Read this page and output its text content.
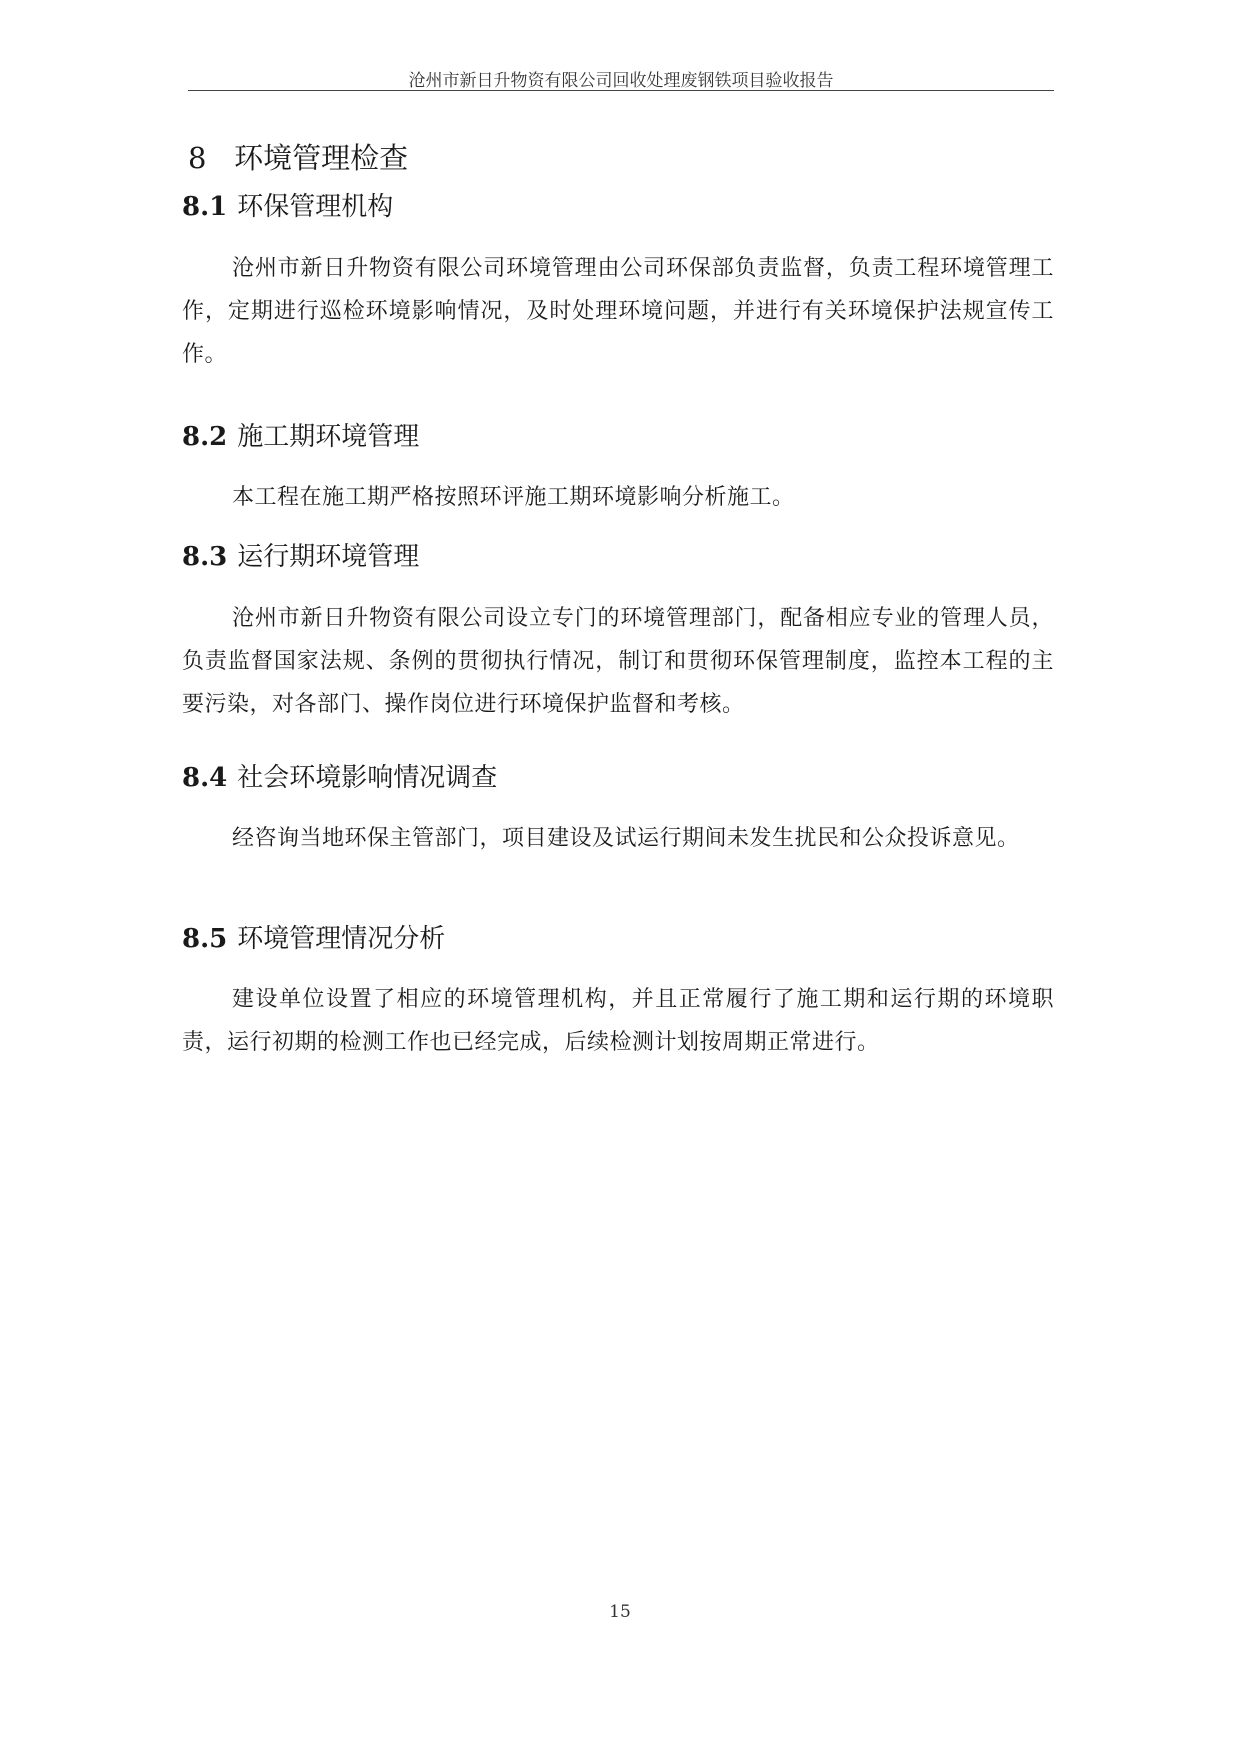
沧州市新日升物资有限公司回收处理废钢铁项目验收报告
8 环境管理检查
8.1 环保管理机构

沧州市新日升物资有限公司环境管理由公司环保部负责监督，负责工程环境管理工作，定期进行巡检环境影响情况，及时处理环境问题，并进行有关环境保护法规宣传工作。

8.2 施工期环境管理

本工程在施工期严格按照环评施工期环境影响分析施工。

8.3 运行期环境管理

沧州市新日升物资有限公司设立专门的环境管理部门，配备相应专业的管理人员，负责监督国家法规、条例的贯彻执行情况，制订和贯彻环保管理制度，监控本工程的主要污染，对各部门、操作岗位进行环境保护监督和考核。

8.4 社会环境影响情况调查

经咨询当地环保主管部门，项目建设及试运行期间未发生扰民和公众投诉意见。

8.5 环境管理情况分析

建设单位设置了相应的环境管理机构，并且正常履行了施工期和运行期的环境职责，运行初期的检测工作也已经完成，后续检测计划按周期正常进行。

15
